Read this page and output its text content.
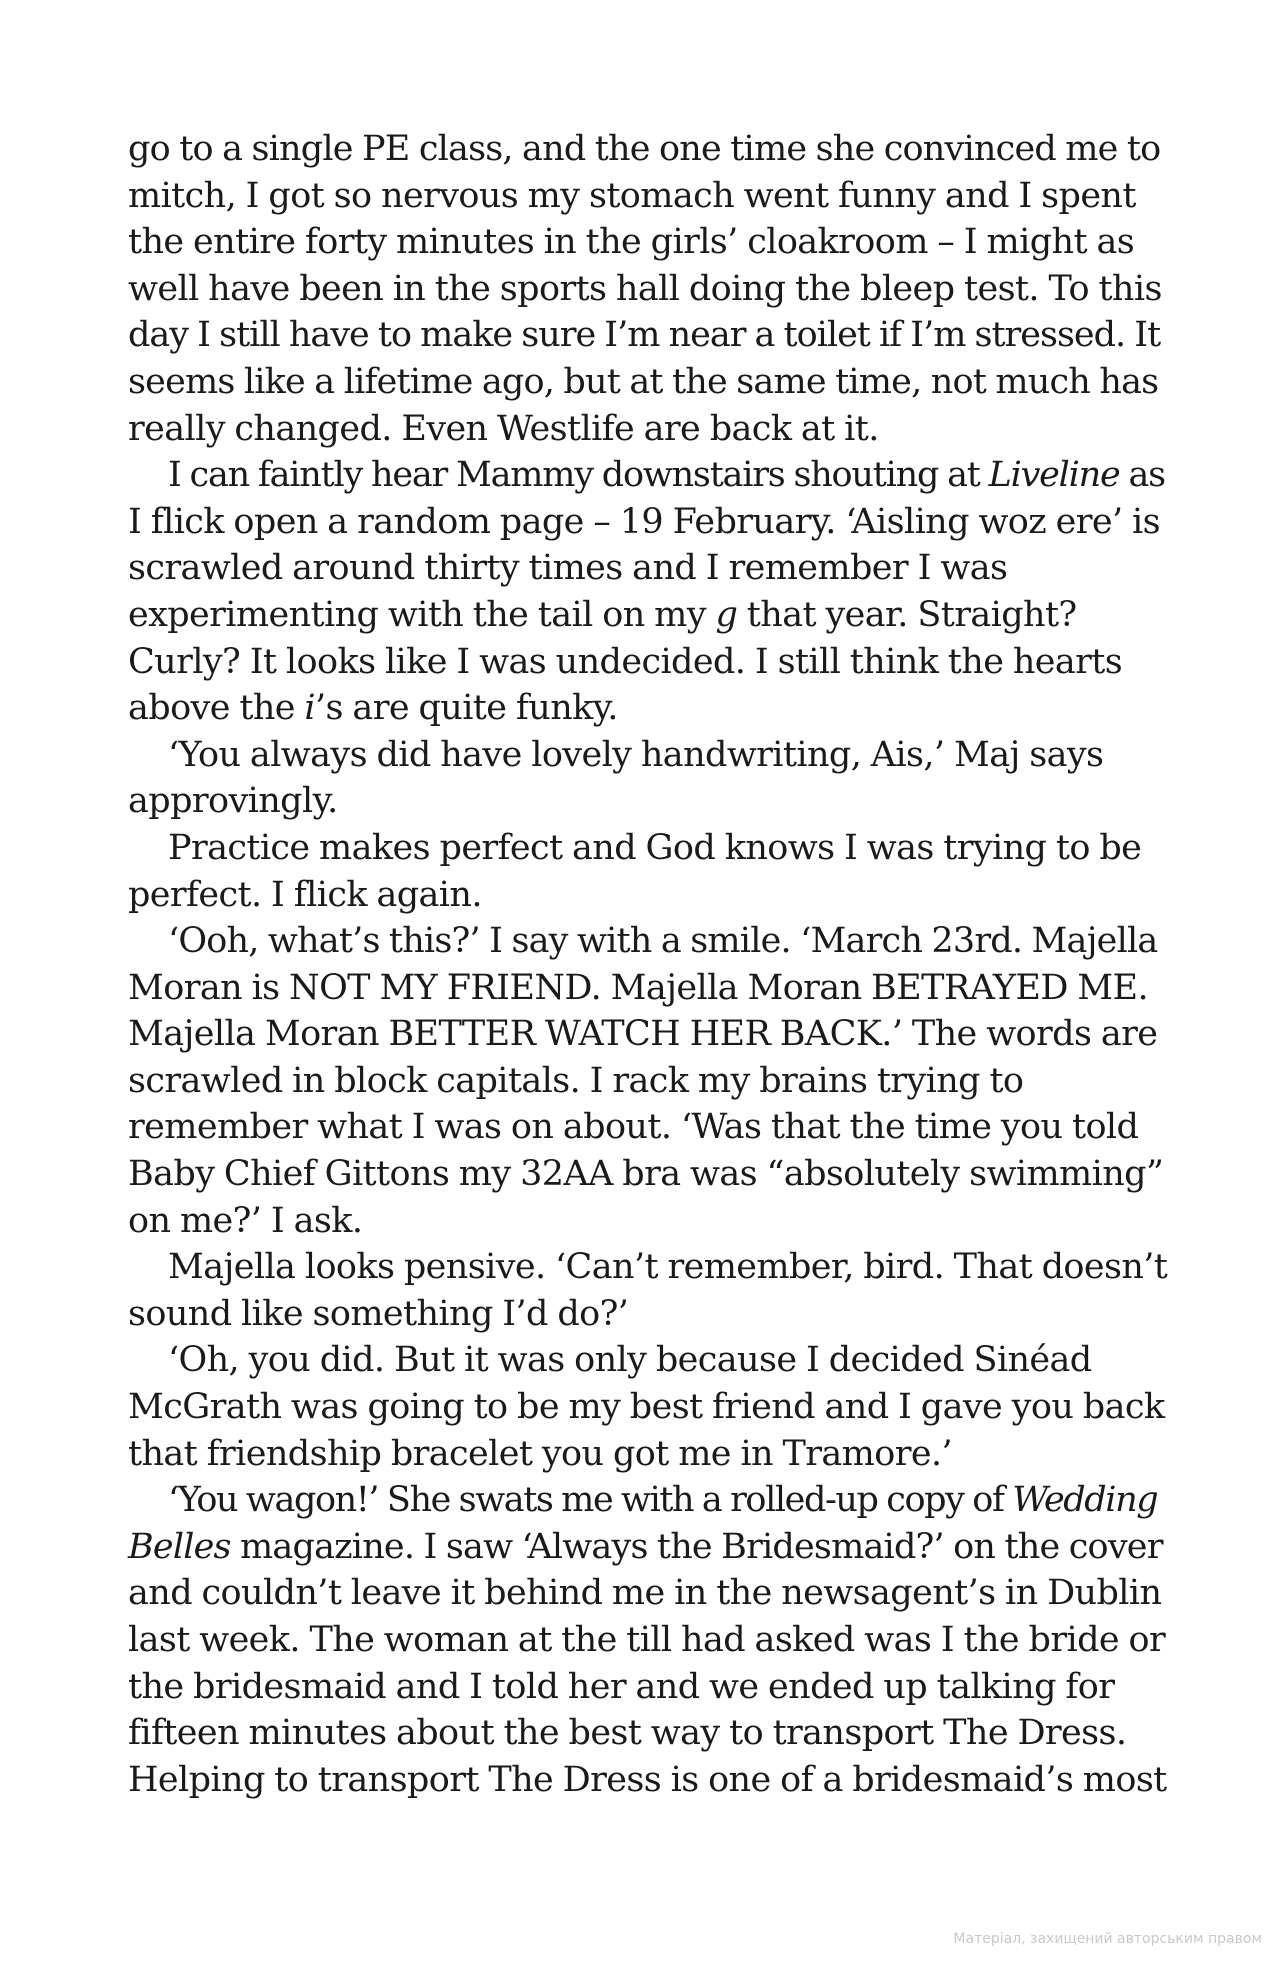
go to a single PE class, and the one time she convinced me to
mitch, I got so nervous my stomach went funny and I spent
the entire forty minutes in the girls’ cloakroom – I might as
well have been in the sports hall doing the bleep test. To this
day I still have to make sure I’m near a toilet if I’m stressed. It
seems like a lifetime ago, but at the same time, not much has
really changed. Even Westlife are back at it.
I can faintly hear Mammy downstairs shouting at Liveline as
I flick open a random page – 19 February. ‘Aisling woz ere’ is
scrawled around thirty times and I remember I was
experimenting with the tail on my g that year. Straight?
Curly? It looks like I was undecided. I still think the hearts
above the i’s are quite funky.
‘You always did have lovely handwriting, Ais,’ Maj says
approvingly.
Practice makes perfect and God knows I was trying to be
perfect. I flick again.
‘Ooh, what’s this?’ I say with a smile. ‘March 23rd. Majella
Moran is NOT MY FRIEND. Majella Moran BETRAYED ME.
Majella Moran BETTER WATCH HER BACK.’ The words are
scrawled in block capitals. I rack my brains trying to
remember what I was on about. ‘Was that the time you told
Baby Chief Gittons my 32AA bra was “absolutely swimming”
on me?’ I ask.
Majella looks pensive. ‘Can’t remember, bird. That doesn’t
sound like something I’d do?’
‘Oh, you did. But it was only because I decided Sinéad
McGrath was going to be my best friend and I gave you back
that friendship bracelet you got me in Tramore.’
‘You wagon!’ She swats me with a rolled-up copy of Wedding
Belles magazine. I saw ‘Always the Bridesmaid?’ on the cover
and couldn’t leave it behind me in the newsagent’s in Dublin
last week. The woman at the till had asked was I the bride or
the bridesmaid and I told her and we ended up talking for
fifteen minutes about the best way to transport The Dress.
Helping to transport The Dress is one of a bridesmaid’s most
Матеріал, захищений авторським правом
